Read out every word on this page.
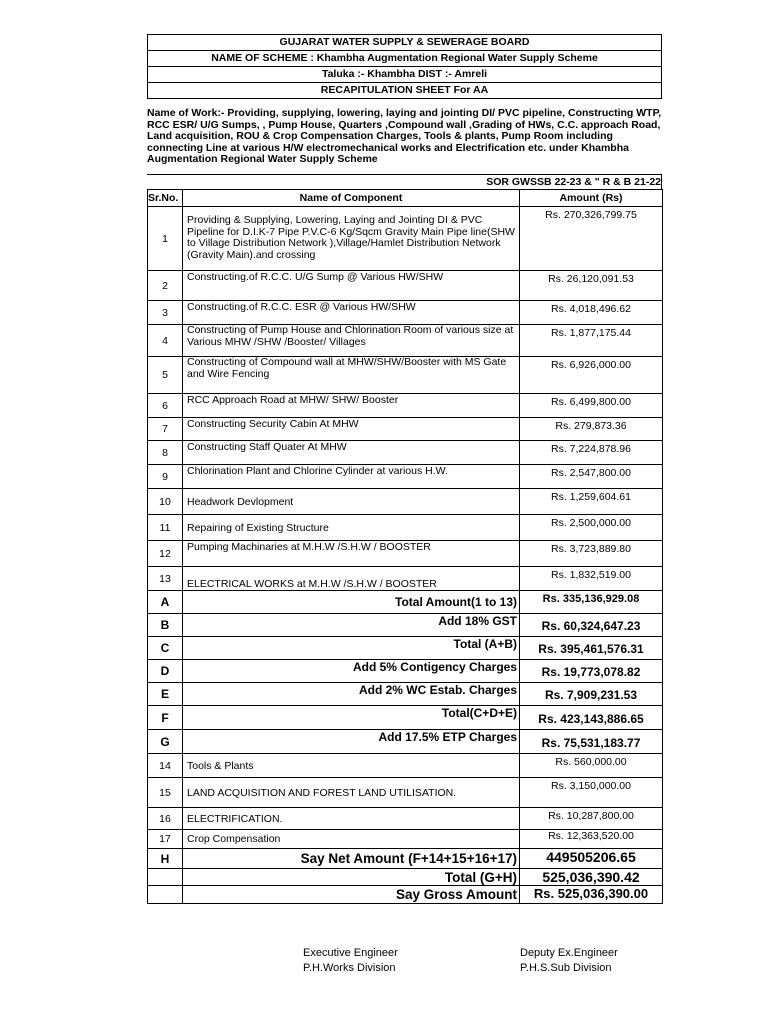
GUJARAT WATER SUPPLY & SEWERAGE BOARD
NAME OF SCHEME : Khambha Augmentation Regional Water Supply Scheme
Taluka :- Khambha DIST :- Amreli
RECAPITULATION SHEET For AA
Name of Work:- Providing, supplying, lowering, laying and jointing DI/ PVC pipeline, Constructing WTP, RCC ESR/ U/G Sumps, , Pump House, Quarters ,Compound wall ,Grading of HWs, C.C. approach Road, Land acquisition, ROU & Crop Compensation Charges, Tools & plants, Pump Room including connecting Line at various H/W electromechanical works and Electrification etc. under Khambha Augmentation Regional Water Supply Scheme
SOR GWSSB 22-23 & " R & B 21-22
Sr.No.	Name of Component	Amount (Rs)
1	Providing & Supplying, Lowering, Laying and Jointing DI & PVC Pipeline for D.I.K-7 Pipe P.V.C-6 Kg/Sqcm Gravity Main Pipe line(SHW to Village Distribution Network ),Village/Hamlet Distribution Network (Gravity Main).and crossing	Rs. 270,326,799.75
2	Constructing.of R.C.C. U/G Sump @ Various HW/SHW	Rs. 26,120,091.53
3	Constructing.of R.C.C. ESR @ Various HW/SHW	Rs. 4,018,496.62
4	Constructing of Pump House and Chlorination Room of various size at Various MHW /SHW /Booster/ Villages	Rs. 1,877,175.44
5	Constructing of Compound wall at MHW/SHW/Booster with MS Gate and Wire Fencing	Rs. 6,926,000.00
6	RCC Approach Road at MHW/ SHW/ Booster	Rs. 6,499,800.00
7	Constructing Security Cabin At MHW	Rs. 279,873.36
8	Constructing Staff Quater At MHW	Rs. 7,224,878.96
9	Chlorination Plant and Chlorine Cylinder at various H.W.	Rs. 2,547,800.00
10	Headwork Devlopment	Rs. 1,259,604.61
11	Repairing of Existing Structure	Rs. 2,500,000.00
12	Pumping Machinaries at M.H.W /S.H.W / BOOSTER	Rs. 3,723,889.80
13	ELECTRICAL WORKS at M.H.W /S.H.W / BOOSTER	Rs. 1,832,519.00
A	Total Amount(1 to 13)	Rs. 335,136,929.08
B	Add 18% GST	Rs. 60,324,647.23
C	Total (A+B)	Rs. 395,461,576.31
D	Add 5% Contigency Charges	Rs. 19,773,078.82
E	Add 2% WC Estab. Charges	Rs. 7,909,231.53
F	Total(C+D+E)	Rs. 423,143,886.65
G	Add 17.5% ETP Charges	Rs. 75,531,183.77
14	Tools & Plants	Rs. 560,000.00
15	LAND ACQUISITION AND FOREST LAND UTILISATION.	Rs. 3,150,000.00
16	ELECTRIFICATION.	Rs. 10,287,800.00
17	Crop Compensation	Rs. 12,363,520.00
H	Say Net Amount (F+14+15+16+17)	449505206.65
	Total (G+H)	525,036,390.42
	Say Gross Amount	Rs. 525,036,390.00
Executive Engineer
P.H.Works Division
Deputy Ex.Engineer
P.H.S.Sub Division
